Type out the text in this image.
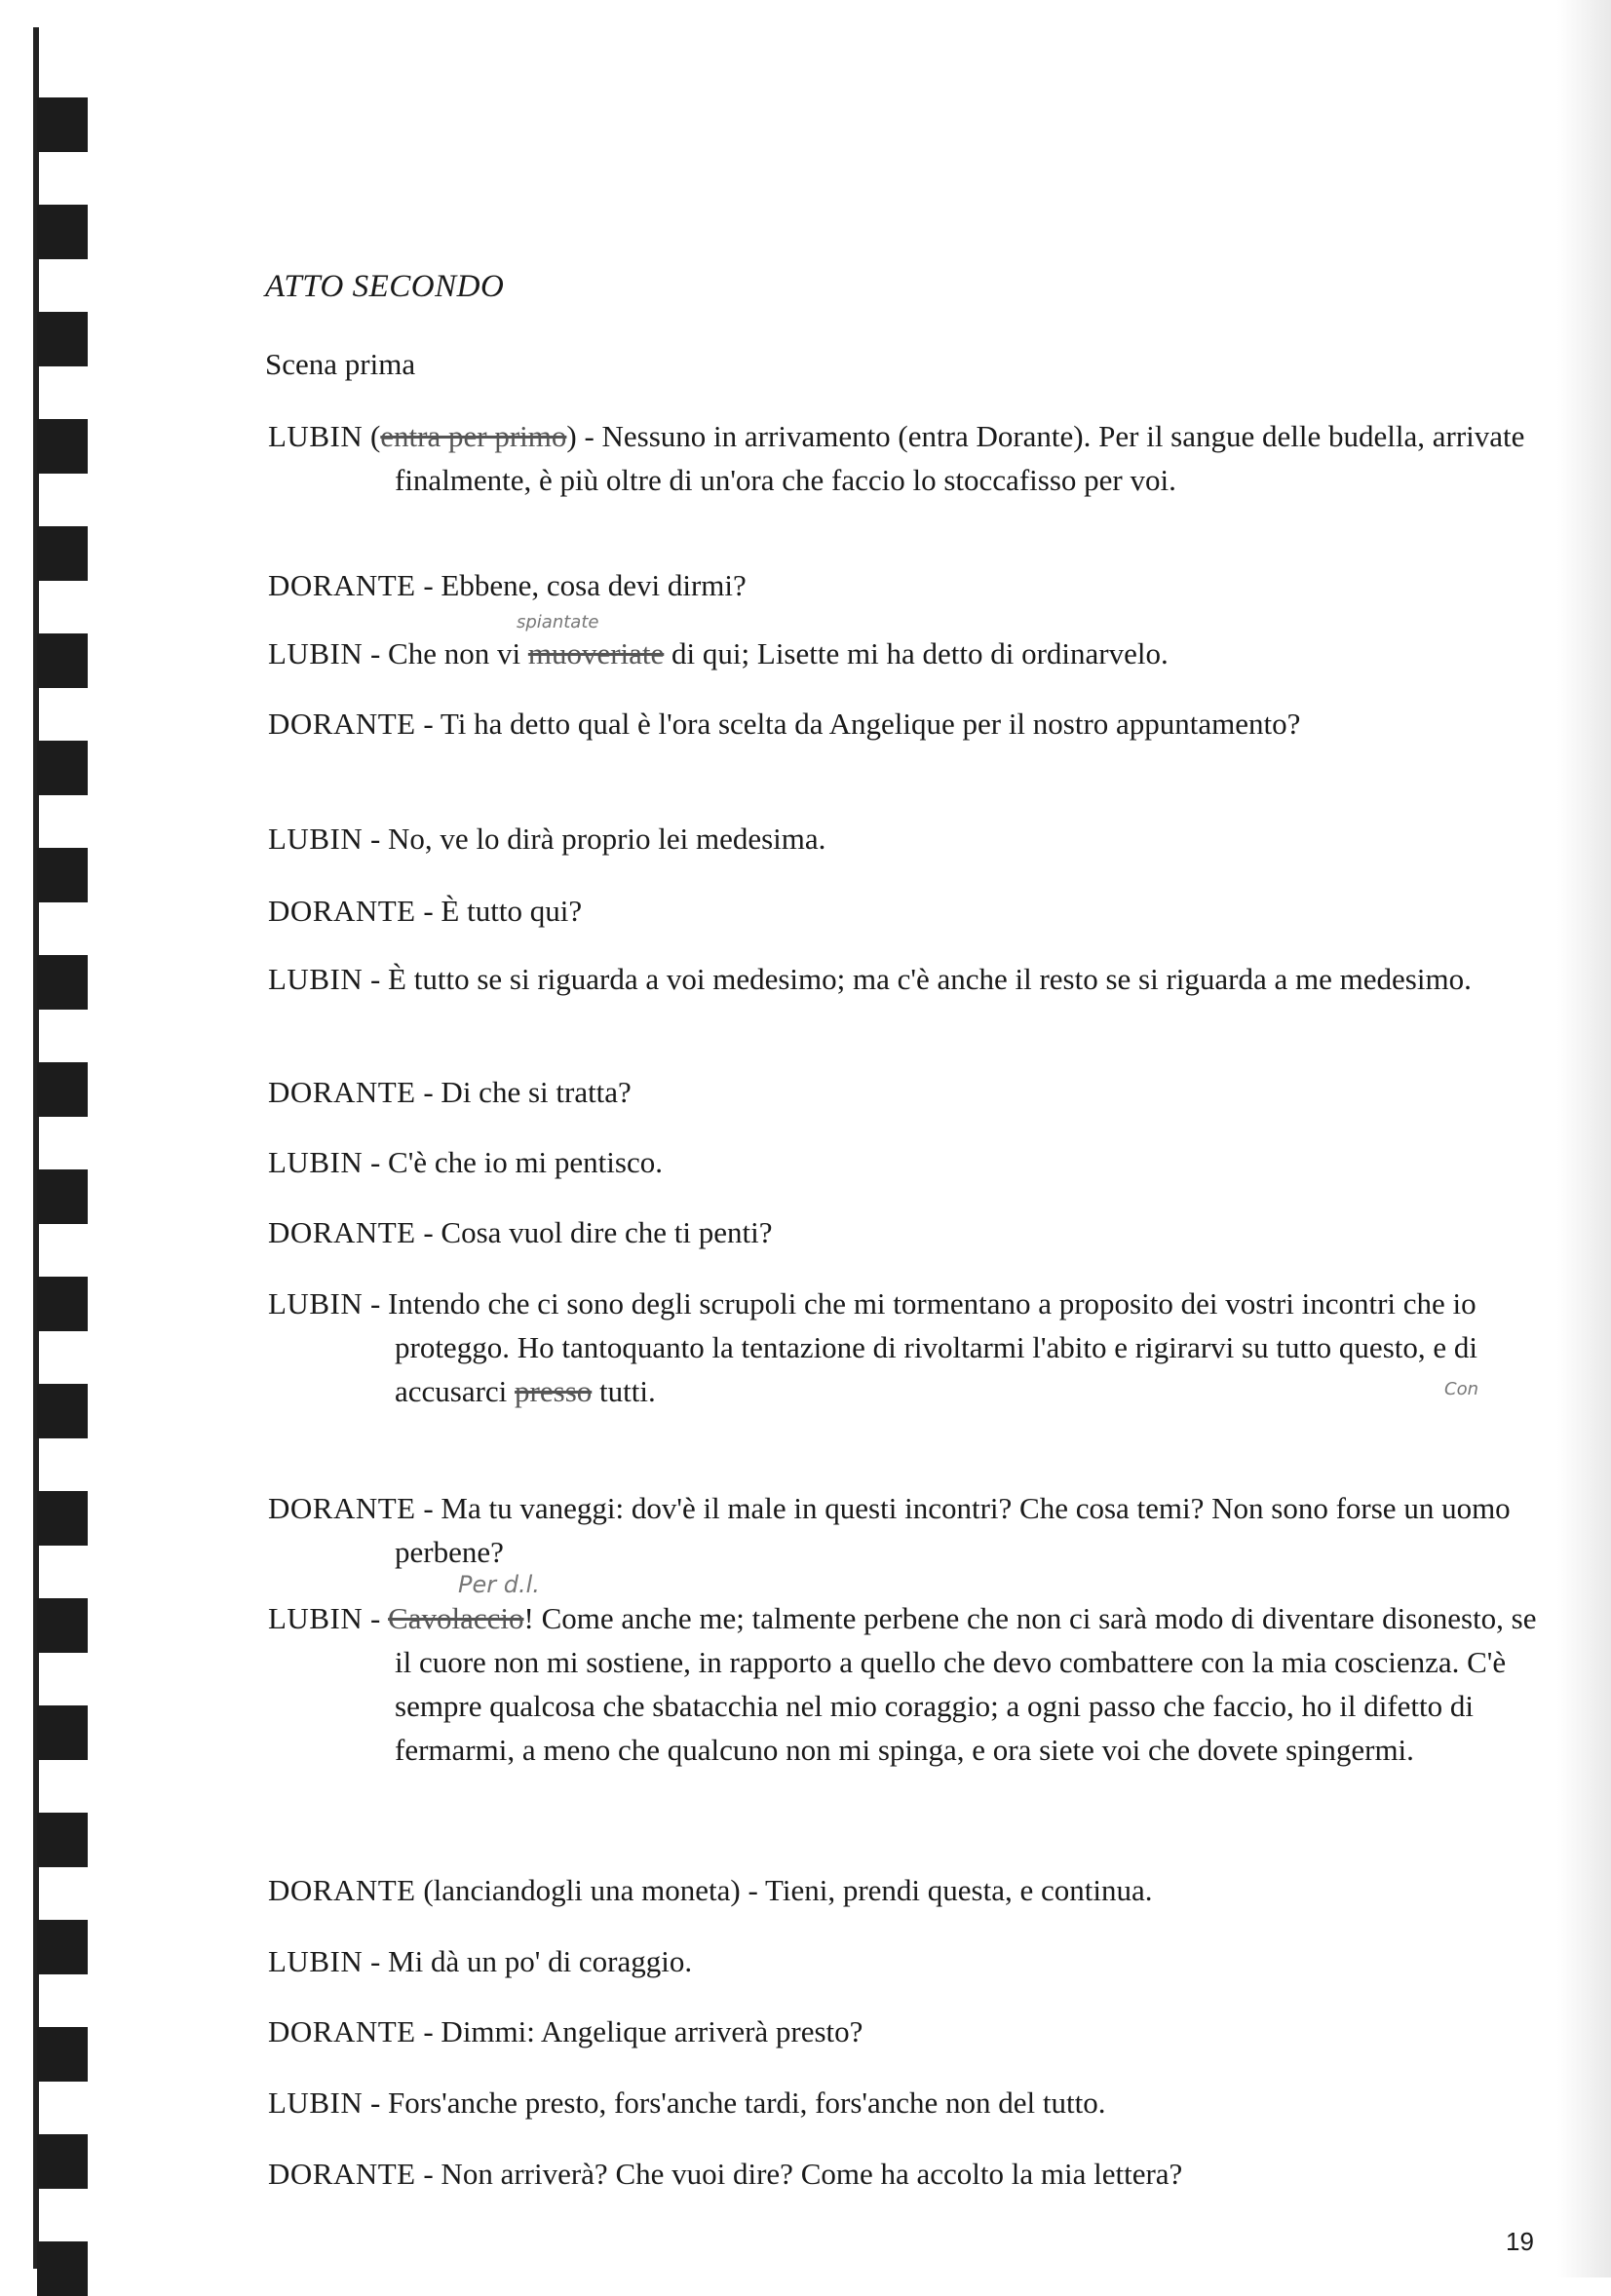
ATTO SECONDO
Scena prima
spiantate
Con
Per d.l.

LUBIN (entra per primo) - Nessuno in arrivamento (entra Dorante). Per il sangue delle budella, arrivate finalmente, è più oltre di un'ora che faccio lo stoccafisso per voi.

DORANTE - Ebbene, cosa devi dirmi?

LUBIN - Che non vi muoveriate di qui; Lisette mi ha detto di ordinarvelo.

DORANTE - Ti ha detto qual è l'ora scelta da Angelique per il nostro appuntamento?

LUBIN - No, ve lo dirà proprio lei medesima.

DORANTE - È tutto qui?

LUBIN - È tutto se si riguarda a voi medesimo; ma c'è anche il resto se si riguarda a me medesimo.

DORANTE - Di che si tratta?

LUBIN - C'è che io mi pentisco.

DORANTE - Cosa vuol dire che ti penti?

LUBIN - Intendo che ci sono degli scrupoli che mi tormentano a proposito dei vostri incontri che io proteggo. Ho tantoquanto la tentazione di rivoltarmi l'abito e rigirarvi su tutto questo, e di accusarci presso tutti.

DORANTE - Ma tu vaneggi: dov'è il male in questi incontri? Che cosa temi? Non sono forse un uomo perbene?

LUBIN - Cavolaccio! Come anche me; talmente perbene che non ci sarà modo di diventare disonesto, se il cuore non mi sostiene, in rapporto a quello che devo combattere con la mia coscienza. C'è sempre qualcosa che sbatacchia nel mio coraggio; a ogni passo che faccio, ho il difetto di fermarmi, a meno che qualcuno non mi spinga, e ora siete voi che dovete spingermi.

DORANTE (lanciandogli una moneta) - Tieni, prendi questa, e continua.

LUBIN - Mi dà un po' di coraggio.

DORANTE - Dimmi: Angelique arriverà presto?

LUBIN - Fors'anche presto, fors'anche tardi, fors'anche non del tutto.

DORANTE - Non arriverà? Che vuoi dire? Come ha accolto la mia lettera?

19
